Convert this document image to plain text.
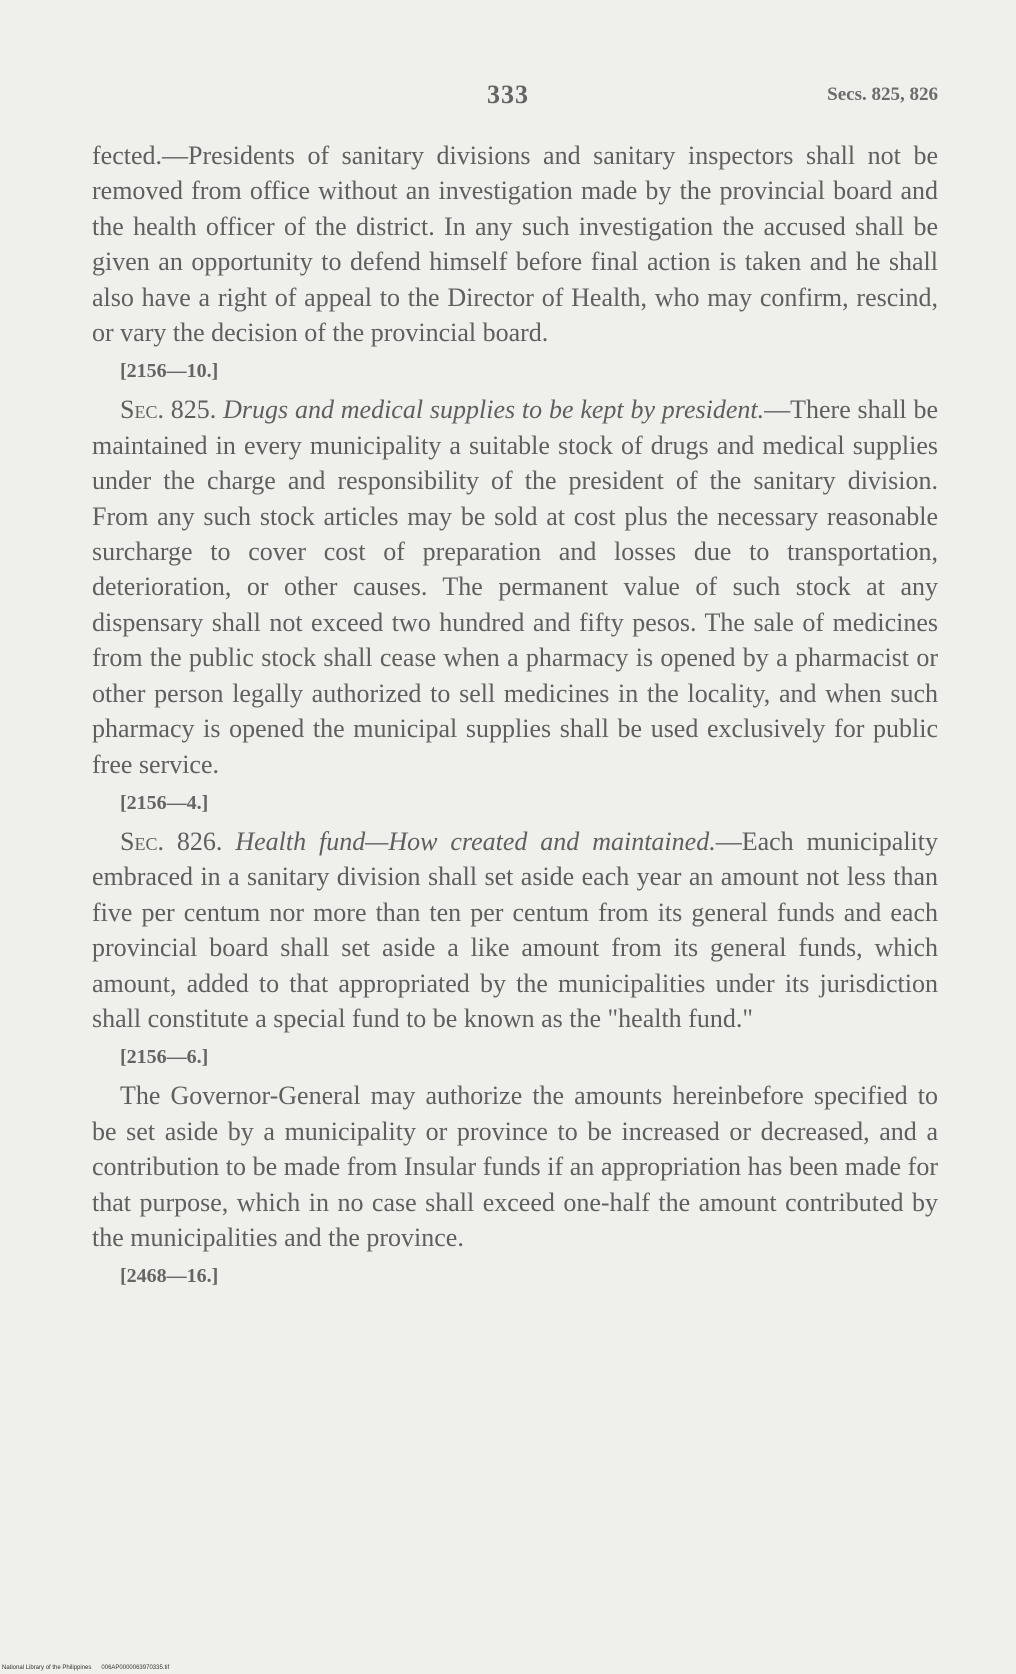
333	Secs. 825, 826

fected.—Presidents of sanitary divisions and sanitary inspectors shall not be removed from office without an investigation made by the provincial board and the health officer of the district. In any such investigation the accused shall be given an opportunity to defend himself before final action is taken and he shall also have a right of appeal to the Director of Health, who may confirm, rescind, or vary the decision of the provincial board.

[2156—10.]

Sec. 825. Drugs and medical supplies to be kept by president.—There shall be maintained in every municipality a suitable stock of drugs and medical supplies under the charge and responsibility of the president of the sanitary division. From any such stock articles may be sold at cost plus the necessary reasonable surcharge to cover cost of preparation and losses due to transportation, deterioration, or other causes. The permanent value of such stock at any dispensary shall not exceed two hundred and fifty pesos. The sale of medicines from the public stock shall cease when a pharmacy is opened by a pharmacist or other person legally authorized to sell medicines in the locality, and when such pharmacy is opened the municipal supplies shall be used exclusively for public free service.

[2156—4.]

Sec. 826. Health fund—How created and maintained.—Each municipality embraced in a sanitary division shall set aside each year an amount not less than five per centum nor more than ten per centum from its general funds and each provincial board shall set aside a like amount from its general funds, which amount, added to that appropriated by the municipalities under its jurisdiction shall constitute a special fund to be known as the "health fund."

[2156—6.]

The Governor-General may authorize the amounts hereinbefore specified to be set aside by a municipality or province to be increased or decreased, and a contribution to be made from Insular funds if an appropriation has been made for that purpose, which in no case shall exceed one-half the amount contributed by the municipalities and the province.

[2468—16.]
National Library of the Philippines 006AP0000063970335.tif
